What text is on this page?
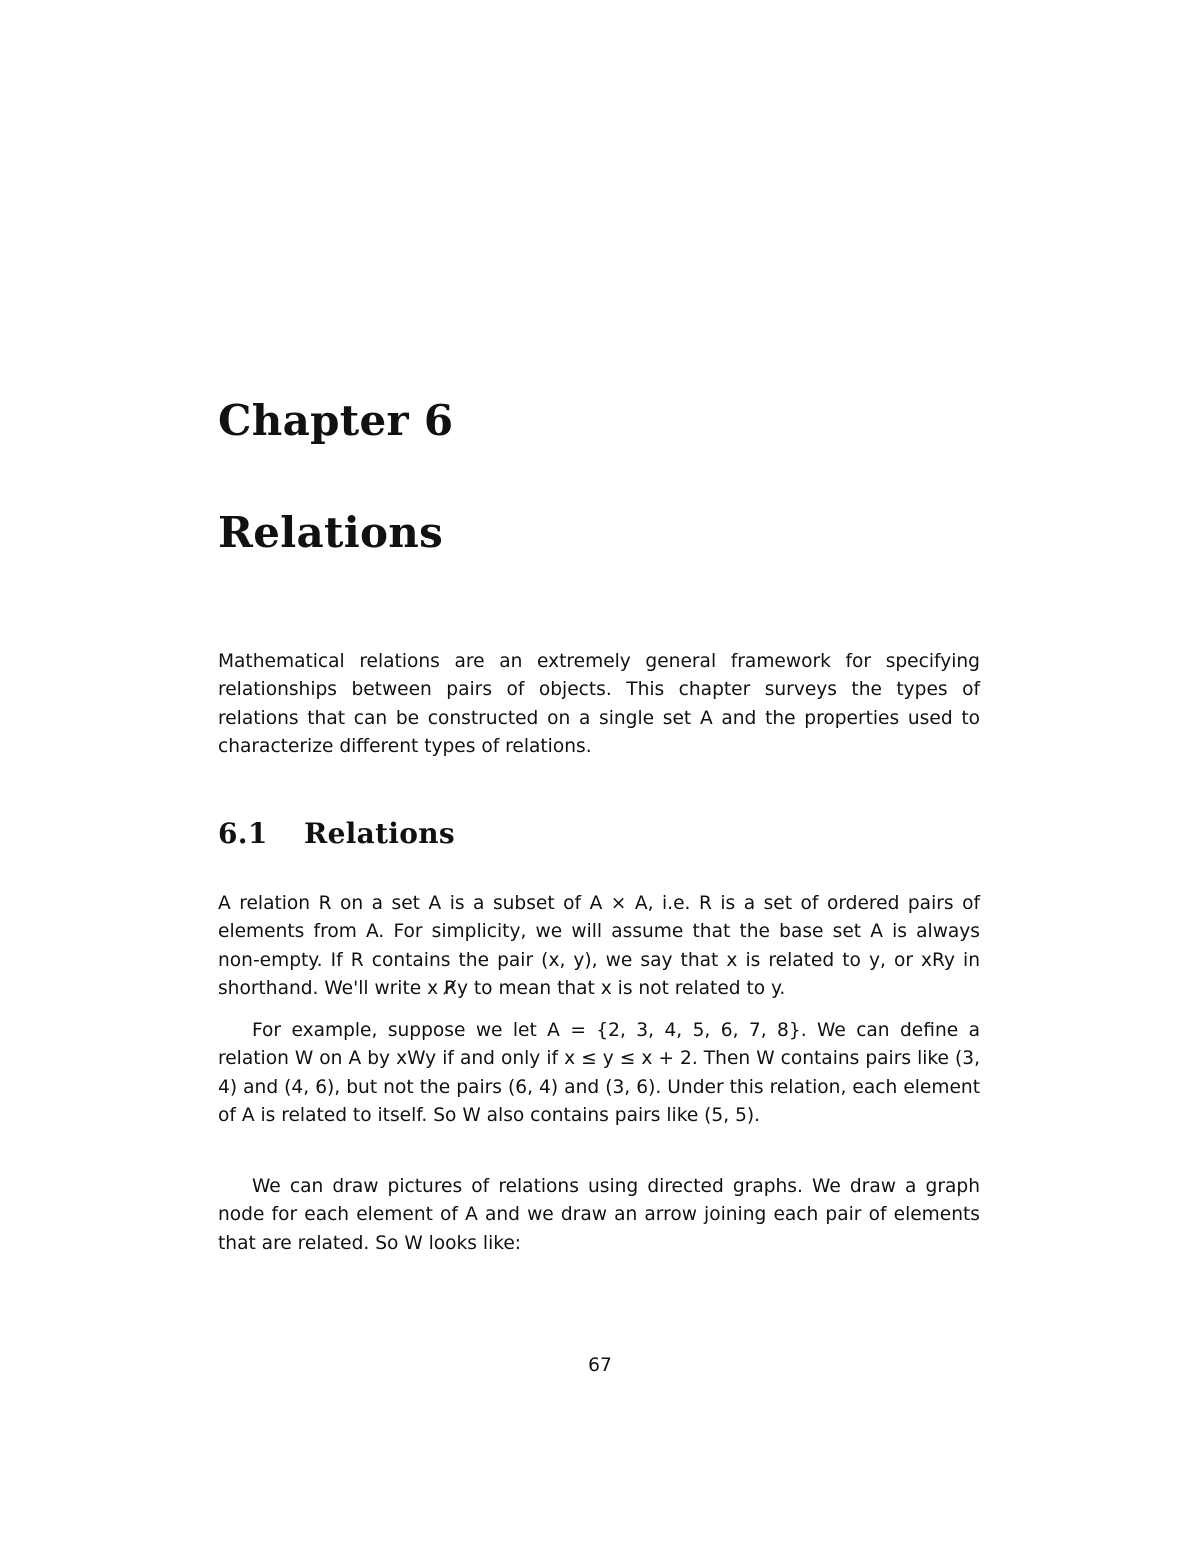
Chapter 6
Relations

Mathematical relations are an extremely general framework for specifying relationships between pairs of objects. This chapter surveys the types of relations that can be constructed on a single set A and the properties used to characterize different types of relations.

6.1 Relations

A relation R on a set A is a subset of A × A, i.e. R is a set of ordered pairs of elements from A. For simplicity, we will assume that the base set A is always non-empty. If R contains the pair (x, y), we say that x is related to y, or xRy in shorthand. We'll write x R̸y to mean that x is not related to y.

For example, suppose we let A = {2, 3, 4, 5, 6, 7, 8}. We can define a relation W on A by xWy if and only if x ≤ y ≤ x + 2. Then W contains pairs like (3, 4) and (4, 6), but not the pairs (6, 4) and (3, 6). Under this relation, each element of A is related to itself. So W also contains pairs like (5, 5).

We can draw pictures of relations using directed graphs. We draw a graph node for each element of A and we draw an arrow joining each pair of elements that are related. So W looks like:

67
